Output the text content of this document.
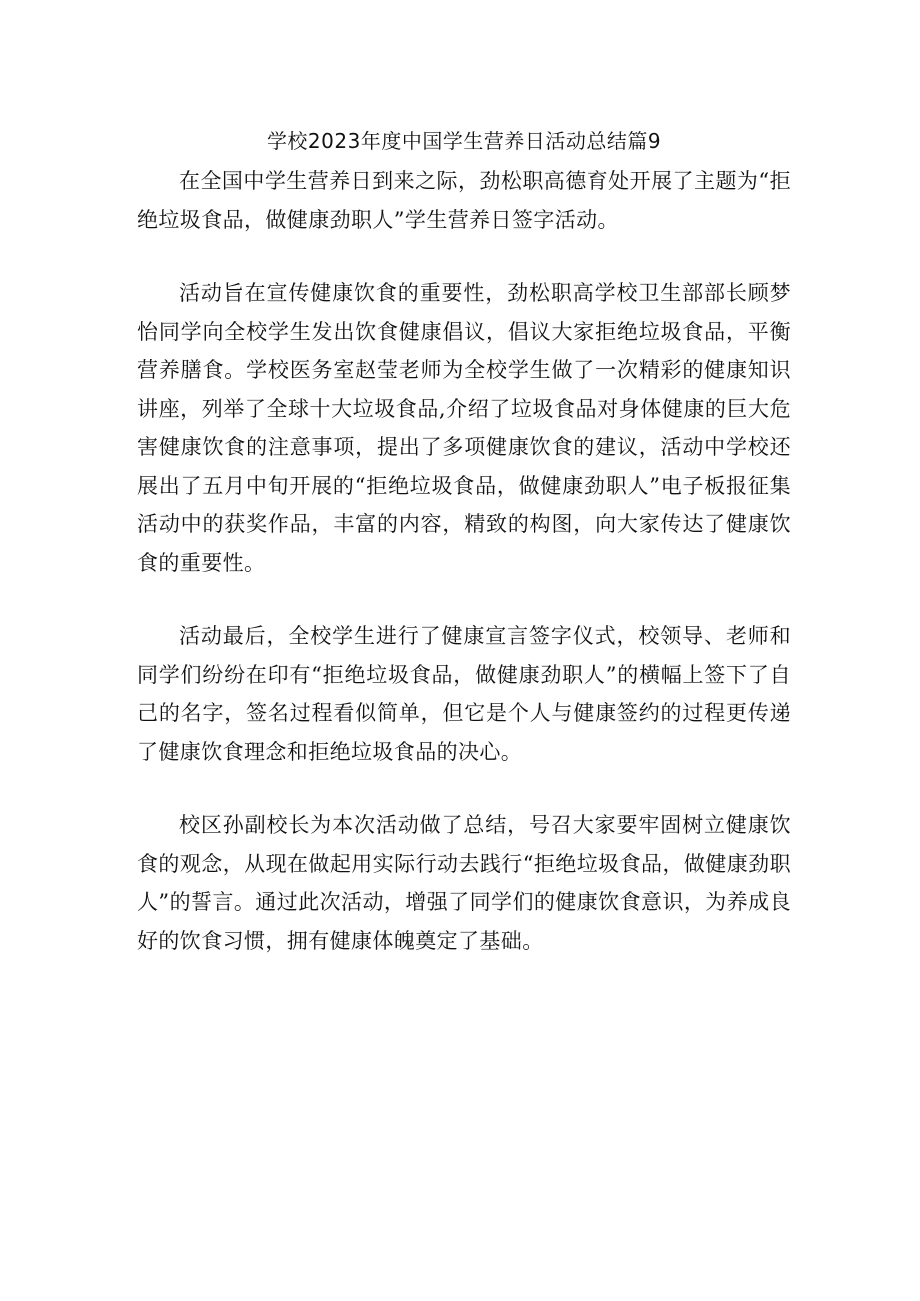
学校2023年度中国学生营养日活动总结篇9

在全国中学生营养日到来之际，劲松职高德育处开展了主题为“拒绝垃圾食品，做健康劲职人”学生营养日签字活动。

活动旨在宣传健康饮食的重要性，劲松职高学校卫生部部长顾梦怡同学向全校学生发出饮食健康倡议，倡议大家拒绝垃圾食品，平衡营养膳食。学校医务室赵莹老师为全校学生做了一次精彩的健康知识讲座，列举了全球十大垃圾食品,介绍了垃圾食品对身体健康的巨大危害健康饮食的注意事项，提出了多项健康饮食的建议，活动中学校还展出了五月中旬开展的“拒绝垃圾食品，做健康劲职人”电子板报征集活动中的获奖作品，丰富的内容，精致的构图，向大家传达了健康饮食的重要性。

活动最后，全校学生进行了健康宣言签字仪式，校领导、老师和同学们纷纷在印有“拒绝垃圾食品，做健康劲职人”的横幅上签下了自己的名字，签名过程看似简单，但它是个人与健康签约的过程更传递了健康饮食理念和拒绝垃圾食品的决心。

校区孙副校长为本次活动做了总结，号召大家要牢固树立健康饮食的观念，从现在做起用实际行动去践行“拒绝垃圾食品，做健康劲职人”的誓言。通过此次活动，增强了同学们的健康饮食意识，为养成良好的饮食习惯，拥有健康体魄奠定了基础。
